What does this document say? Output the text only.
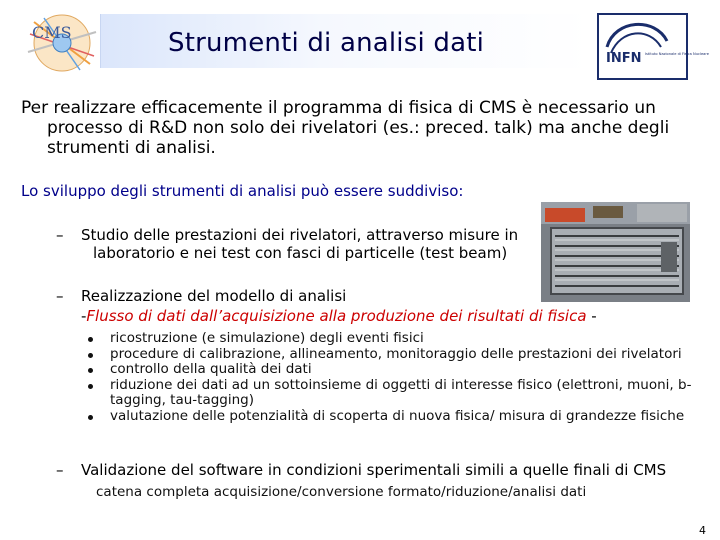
CMS	Strumenti di analisi dati
INFN Istituto Nazionale di Fisica Nucleare
Per realizzare efficacemente il programma di fisica di CMS è necessario un
processo di R&D non solo dei rivelatori (es.: preced. talk) ma anche degli strumenti di analisi.
Lo sviluppo degli strumenti di analisi può essere suddiviso:
–	Studio delle prestazioni dei rivelatori, attraverso misure in
laboratorio e nei test con fasci di particelle (test beam)
–	Realizzazione del modello di analisi
-Flusso di dati dall’acquisizione alla produzione dei risultati di fisica -
ricostruzione (e simulazione) degli eventi fisici
procedure di calibrazione, allineamento, monitoraggio delle prestazioni dei rivelatori
controllo della qualità dei dati
riduzione dei dati ad un sottoinsieme di oggetti di interesse fisico (elettroni, muoni, b-tagging, tau-tagging)
valutazione delle potenzialità di scoperta di nuova fisica/ misura di grandezze fisiche
–	Validazione del software in condizioni sperimentali simili a quelle finali di CMS
catena completa acquisizione/conversione formato/riduzione/analisi dati
4
